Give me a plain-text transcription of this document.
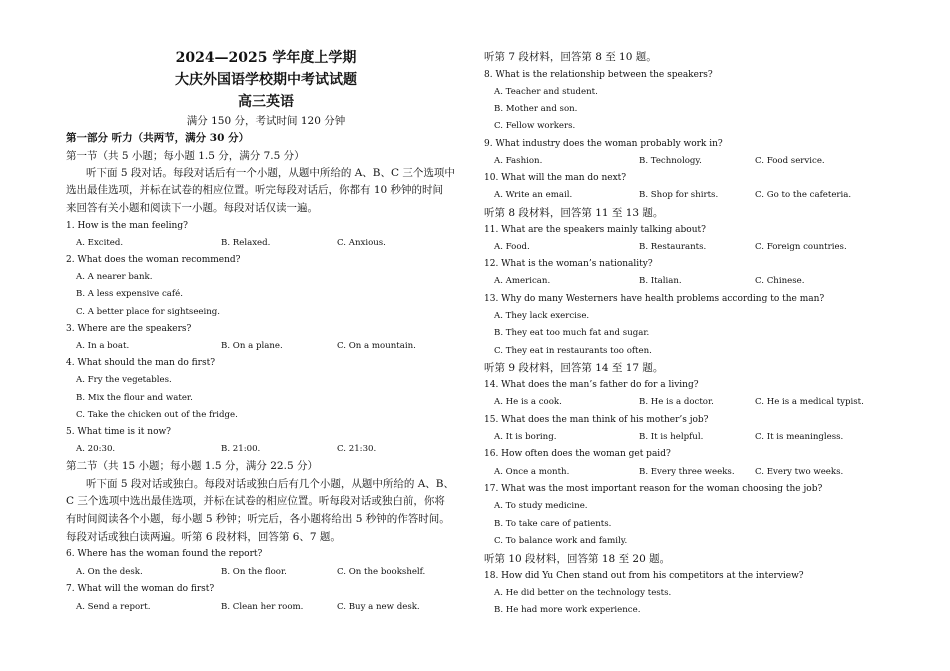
2024—2025 学年度上学期
大庆外国语学校期中考试试题
高三英语
满分 150 分，考试时间 120 分钟
第一部分 听力（共两节，满分 30 分）
第一节（共 5 小题；每小题 1.5 分，满分 7.5 分）
听下面 5 段对话。每段对话后有一个小题，从题中所给的 A、B、C 三个选项中
选出最佳选项，并标在试卷的相应位置。听完每段对话后，你都有 10 秒钟的时间
来回答有关小题和阅读下一小题。每段对话仅读一遍。
1. How is the man feeling?
A. Excited.	B. Relaxed.	C. Anxious.
2. What does the woman recommend?
A. A nearer bank.
B. A less expensive café.
C. A better place for sightseeing.
3. Where are the speakers?
A. In a boat.	B. On a plane.	C. On a mountain.
4. What should the man do first?
A. Fry the vegetables.
B. Mix the flour and water.
C. Take the chicken out of the fridge.
5. What time is it now?
A. 20:30.	B. 21:00.	C. 21:30.
第二节（共 15 小题；每小题 1.5 分，满分 22.5 分）
听下面 5 段对话或独白。每段对话或独白后有几个小题，从题中所给的 A、B、
C 三个选项中选出最佳选项，并标在试卷的相应位置。听每段对话或独白前，你将
有时间阅读各个小题，每小题 5 秒钟；听完后，各小题将给出 5 秒钟的作答时间。
每段对话或独白读两遍。听第 6 段材料，回答第 6、7 题。
6. Where has the woman found the report?
A. On the desk.	B. On the floor.	C. On the bookshelf.
7. What will the woman do first?
A. Send a report.	B. Clean her room.	C. Buy a new desk.
听第 7 段材料，回答第 8 至 10 题。
8. What is the relationship between the speakers?
A. Teacher and student.
B. Mother and son.
C. Fellow workers.
9. What industry does the woman probably work in?
A. Fashion.	B. Technology.	C. Food service.
10. What will the man do next?
A. Write an email.	B. Shop for shirts.	C. Go to the cafeteria.
听第 8 段材料，回答第 11 至 13 题。
11. What are the speakers mainly talking about?
A. Food.	B. Restaurants.	C. Foreign countries.
12. What is the woman’s nationality?
A. American.	B. Italian.	C. Chinese.
13. Why do many Westerners have health problems according to the man?
A. They lack exercise.
B. They eat too much fat and sugar.
C. They eat in restaurants too often.
听第 9 段材料，回答第 14 至 17 题。
14. What does the man’s father do for a living?
A. He is a cook.	B. He is a doctor.	C. He is a medical typist.
15. What does the man think of his mother’s job?
A. It is boring.	B. It is helpful.	C. It is meaningless.
16. How often does the woman get paid?
A. Once a month.	B. Every three weeks. C. Every two weeks.
17. What was the most important reason for the woman choosing the job?
A. To study medicine.
B. To take care of patients.
C. To balance work and family.
听第 10 段材料，回答第 18 至 20 题。
18. How did Yu Chen stand out from his competitors at the interview?
A. He did better on the technology tests.
B. He had more work experience.
